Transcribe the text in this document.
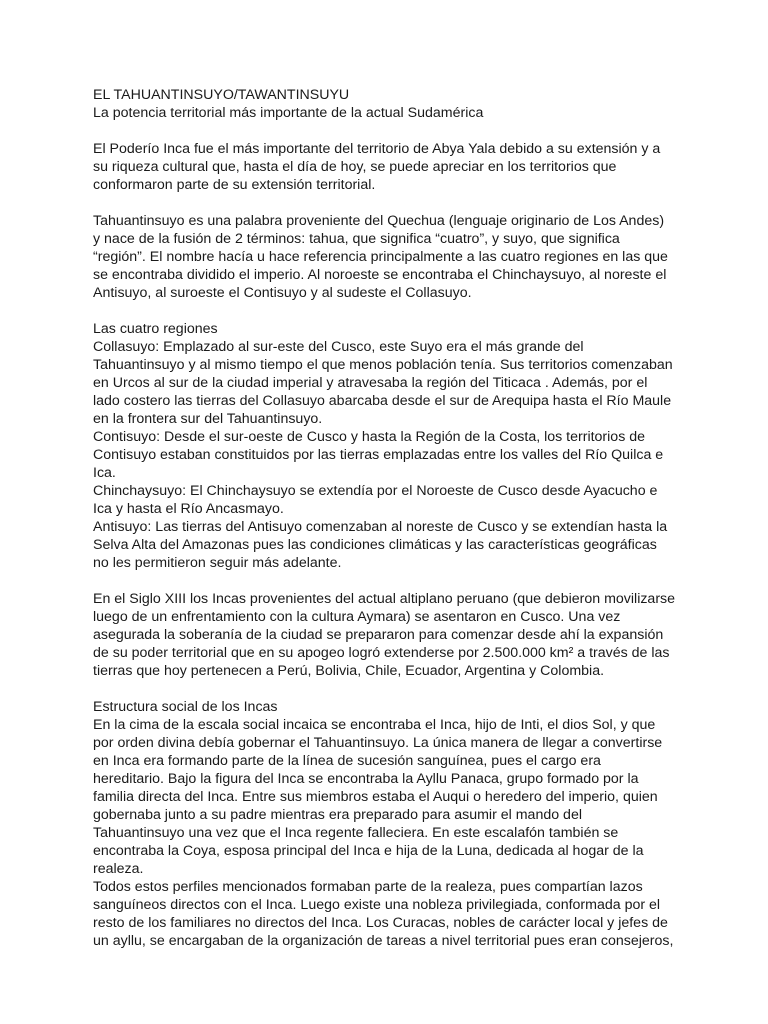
EL TAHUANTINSUYO/TAWANTINSUYU
La potencia territorial más importante de la actual Sudamérica
El Poderío Inca fue el más importante del territorio de Abya Yala debido a su extensión y a
su riqueza cultural que, hasta el día de hoy, se puede apreciar en los territorios que
conformaron parte de su extensión territorial.
Tahuantinsuyo es una palabra proveniente del Quechua (lenguaje originario de Los Andes)
y nace de la fusión de 2 términos: tahua, que significa “cuatro”, y suyo, que significa
“región”. El nombre hacía u hace referencia principalmente a las cuatro regiones en las que
se encontraba dividido el imperio. Al noroeste se encontraba el Chinchaysuyo, al noreste el
Antisuyo, al suroeste el Contisuyo y al sudeste el Collasuyo.
Las cuatro regiones
Collasuyo: Emplazado al sur-este del Cusco, este Suyo era el más grande del
Tahuantinsuyo y al mismo tiempo el que menos población tenía. Sus territorios comenzaban
en Urcos al sur de la ciudad imperial y atravesaba la región del Titicaca . Además, por el
lado costero las tierras del Collasuyo abarcaba desde el sur de Arequipa hasta el Río Maule
en la frontera sur del Tahuantinsuyo.
Contisuyo: Desde el sur-oeste de Cusco y hasta la Región de la Costa, los territorios de
Contisuyo estaban constituidos por las tierras emplazadas entre los valles del Río Quilca e
Ica.
Chinchaysuyo: El Chinchaysuyo se extendía por el Noroeste de Cusco desde Ayacucho e
Ica y hasta el Río Ancasmayo.
Antisuyo: Las tierras del Antisuyo comenzaban al noreste de Cusco y se extendían hasta la
Selva Alta del Amazonas pues las condiciones climáticas y las características geográficas
no les permitieron seguir más adelante.
En el Siglo XIII los Incas provenientes del actual altiplano peruano (que debieron movilizarse
luego de un enfrentamiento con la cultura Aymara) se asentaron en Cusco. Una vez
asegurada la soberanía de la ciudad se prepararon para comenzar desde ahí la expansión
de su poder territorial que en su apogeo logró extenderse por 2.500.000 km² a través de las
tierras que hoy pertenecen a Perú, Bolivia, Chile, Ecuador, Argentina y Colombia.
Estructura social de los Incas
En la cima de la escala social incaica se encontraba el Inca, hijo de Inti, el dios Sol, y que
por orden divina debía gobernar el Tahuantinsuyo. La única manera de llegar a convertirse
en Inca era formando parte de la línea de sucesión sanguínea, pues el cargo era
hereditario. Bajo la figura del Inca se encontraba la Ayllu Panaca, grupo formado por la
familia directa del Inca. Entre sus miembros estaba el Auqui o heredero del imperio, quien
gobernaba junto a su padre mientras era preparado para asumir el mando del
Tahuantinsuyo una vez que el Inca regente falleciera. En este escalafón también se
encontraba la Coya, esposa principal del Inca e hija de la Luna, dedicada al hogar de la
realeza.
Todos estos perfiles mencionados formaban parte de la realeza, pues compartían lazos
sanguíneos directos con el Inca. Luego existe una nobleza privilegiada, conformada por el
resto de los familiares no directos del Inca. Los Curacas, nobles de carácter local y jefes de
un ayllu, se encargaban de la organización de tareas a nivel territorial pues eran consejeros,
